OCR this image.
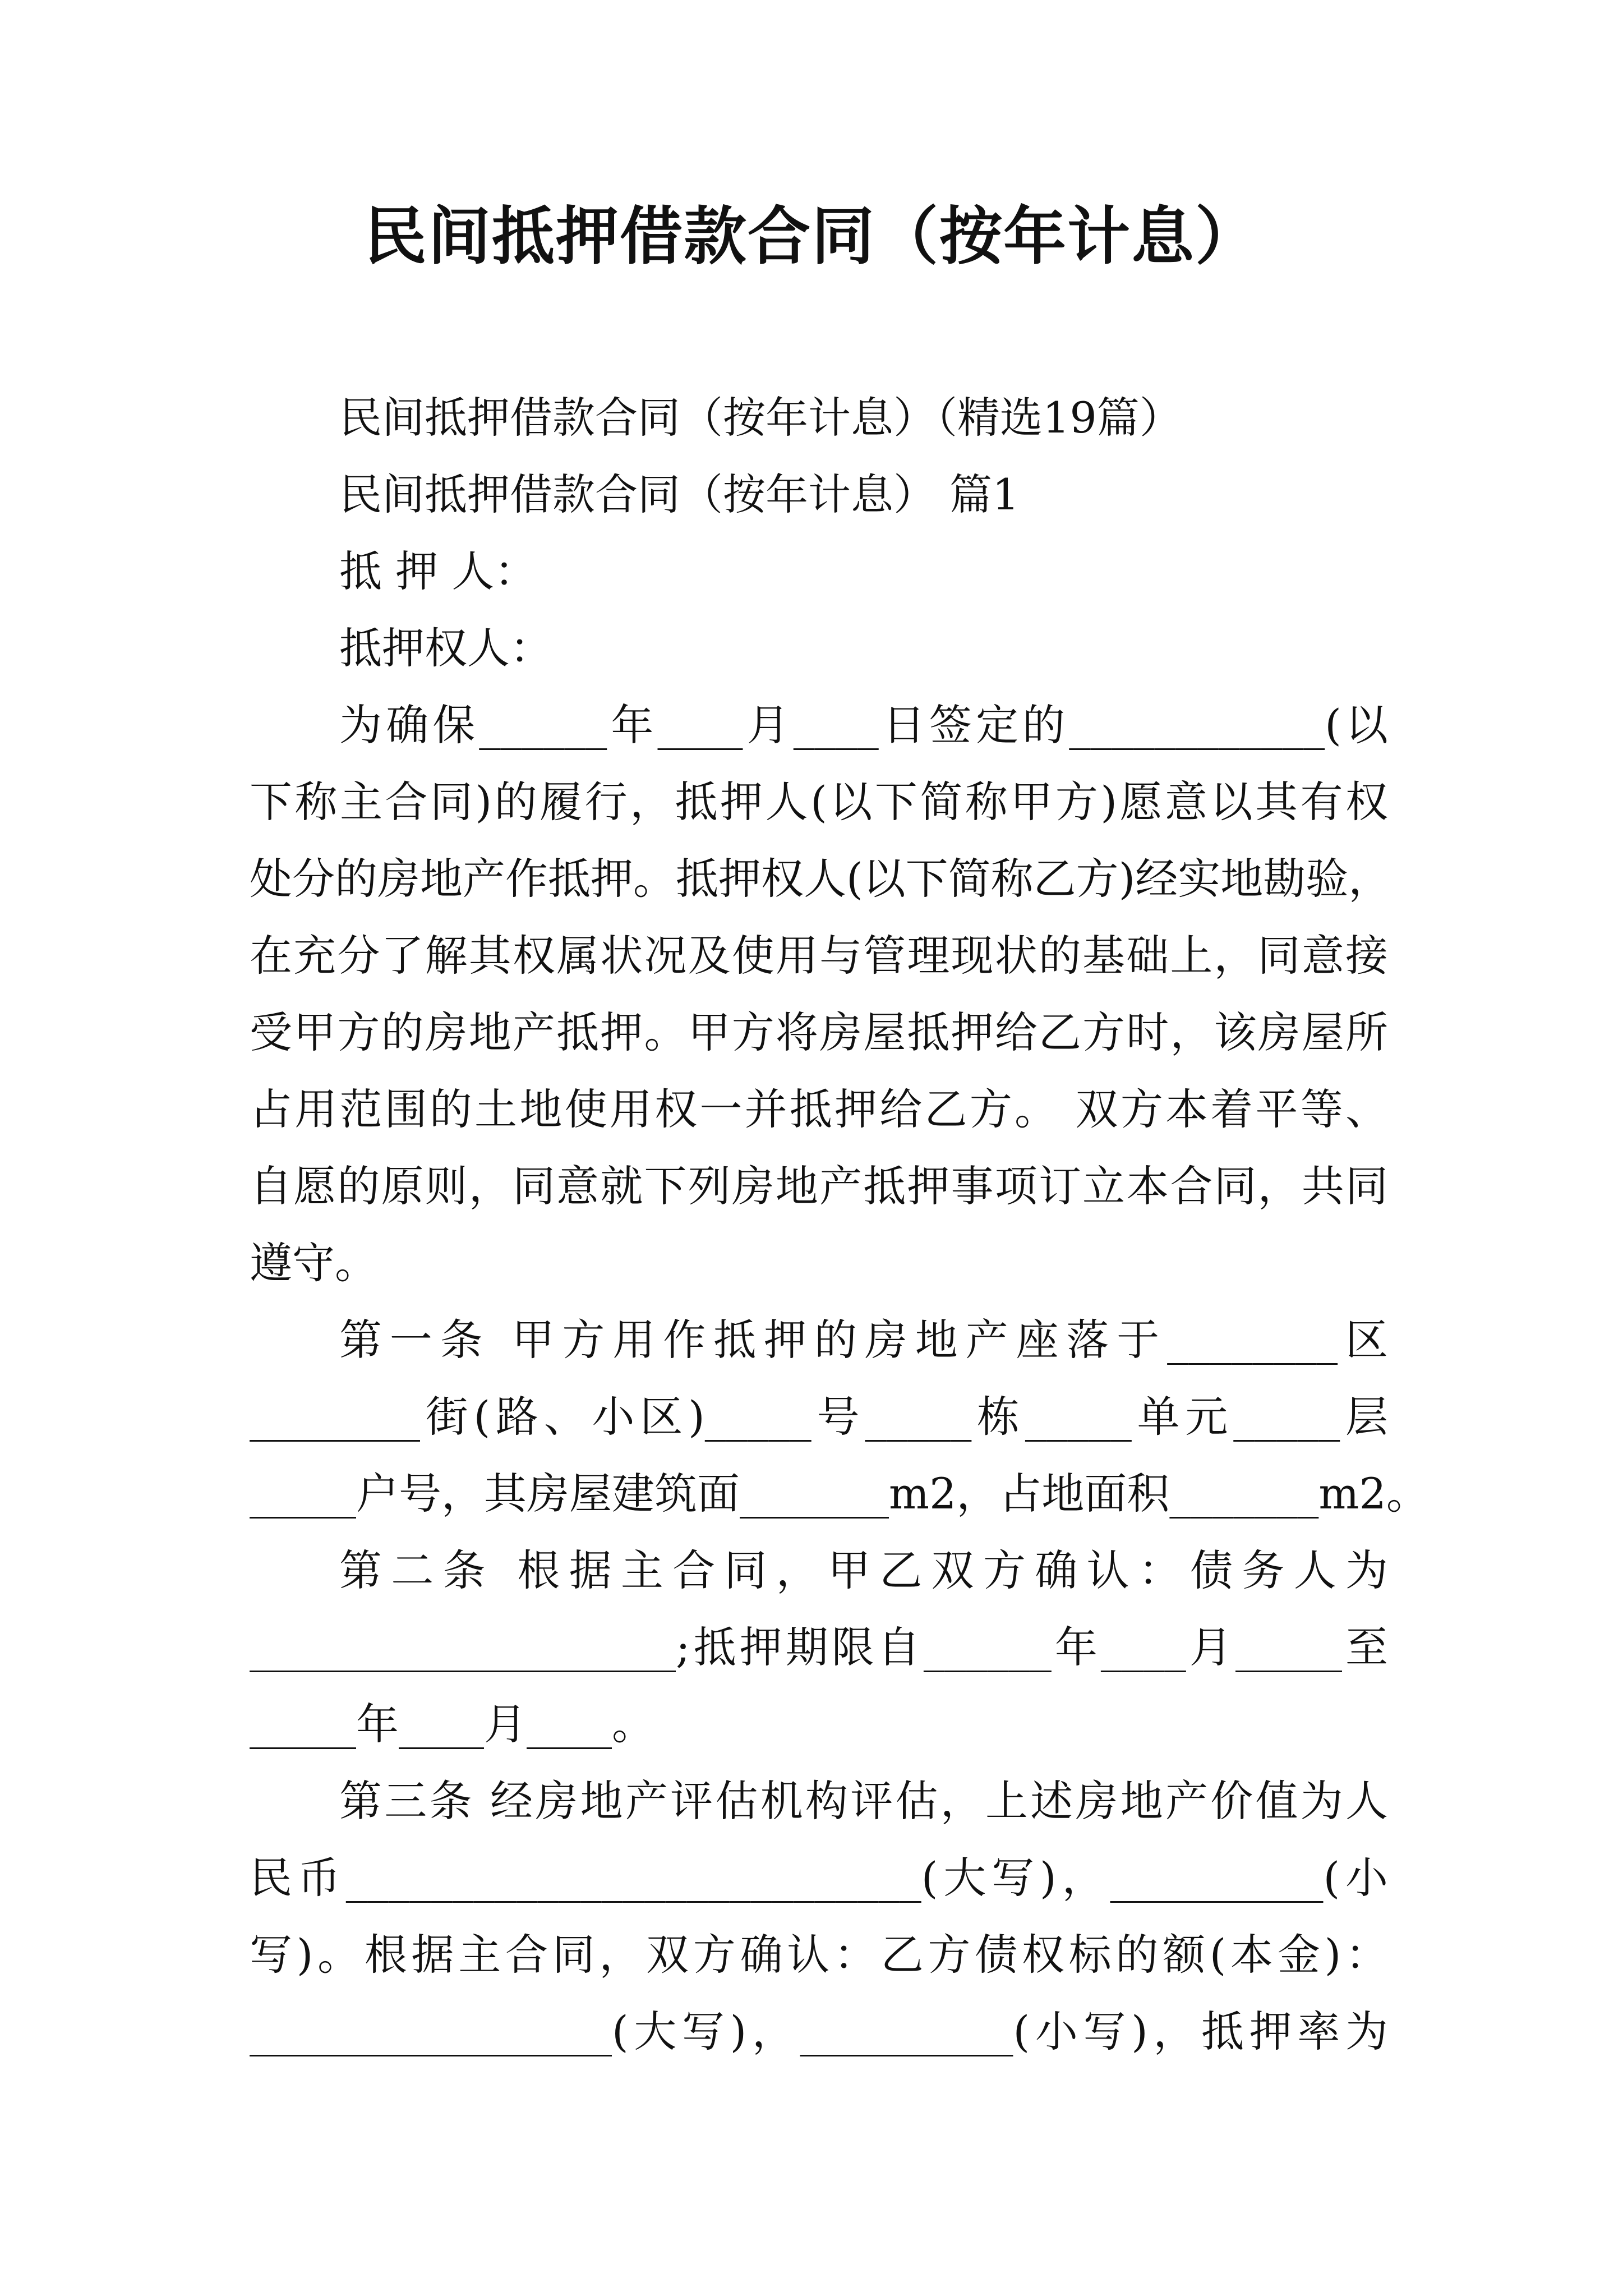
民间抵押借款合同（按年计息）
民间抵押借款合同（按年计息）（精选19篇）
民间抵押借款合同（按年计息） 篇1
抵 押 人：
抵押权人：
为确保______年____月____日签定的____________(以
下称主合同)的履行，抵押人(以下简称甲方)愿意以其有权
处分的房地产作抵押。抵押权人(以下简称乙方)经实地勘验，
在充分了解其权属状况及使用与管理现状的基础上，同意接
受甲方的房地产抵押。甲方将房屋抵押给乙方时，该房屋所
占用范围的土地使用权一并抵押给乙方。 双方本着平等、
自愿的原则，同意就下列房地产抵押事项订立本合同，共同
遵守。
第一条 甲方用作抵押的房地产座落于________区
________街(路、小区)_____号_____栋_____单元_____层
_____户号，其房屋建筑面_______m2，占地面积_______m2。
第二条 根据主合同，甲乙双方确认：债务人为
____________________;抵押期限自______年____月_____至
_____年____月____。
第三条 经房地产评估机构评估，上述房地产价值为人
民币___________________________(大写)，__________(小
写)。根据主合同，双方确认：乙方债权标的额(本金)：
_________________(大写)，__________(小写)，抵押率为
